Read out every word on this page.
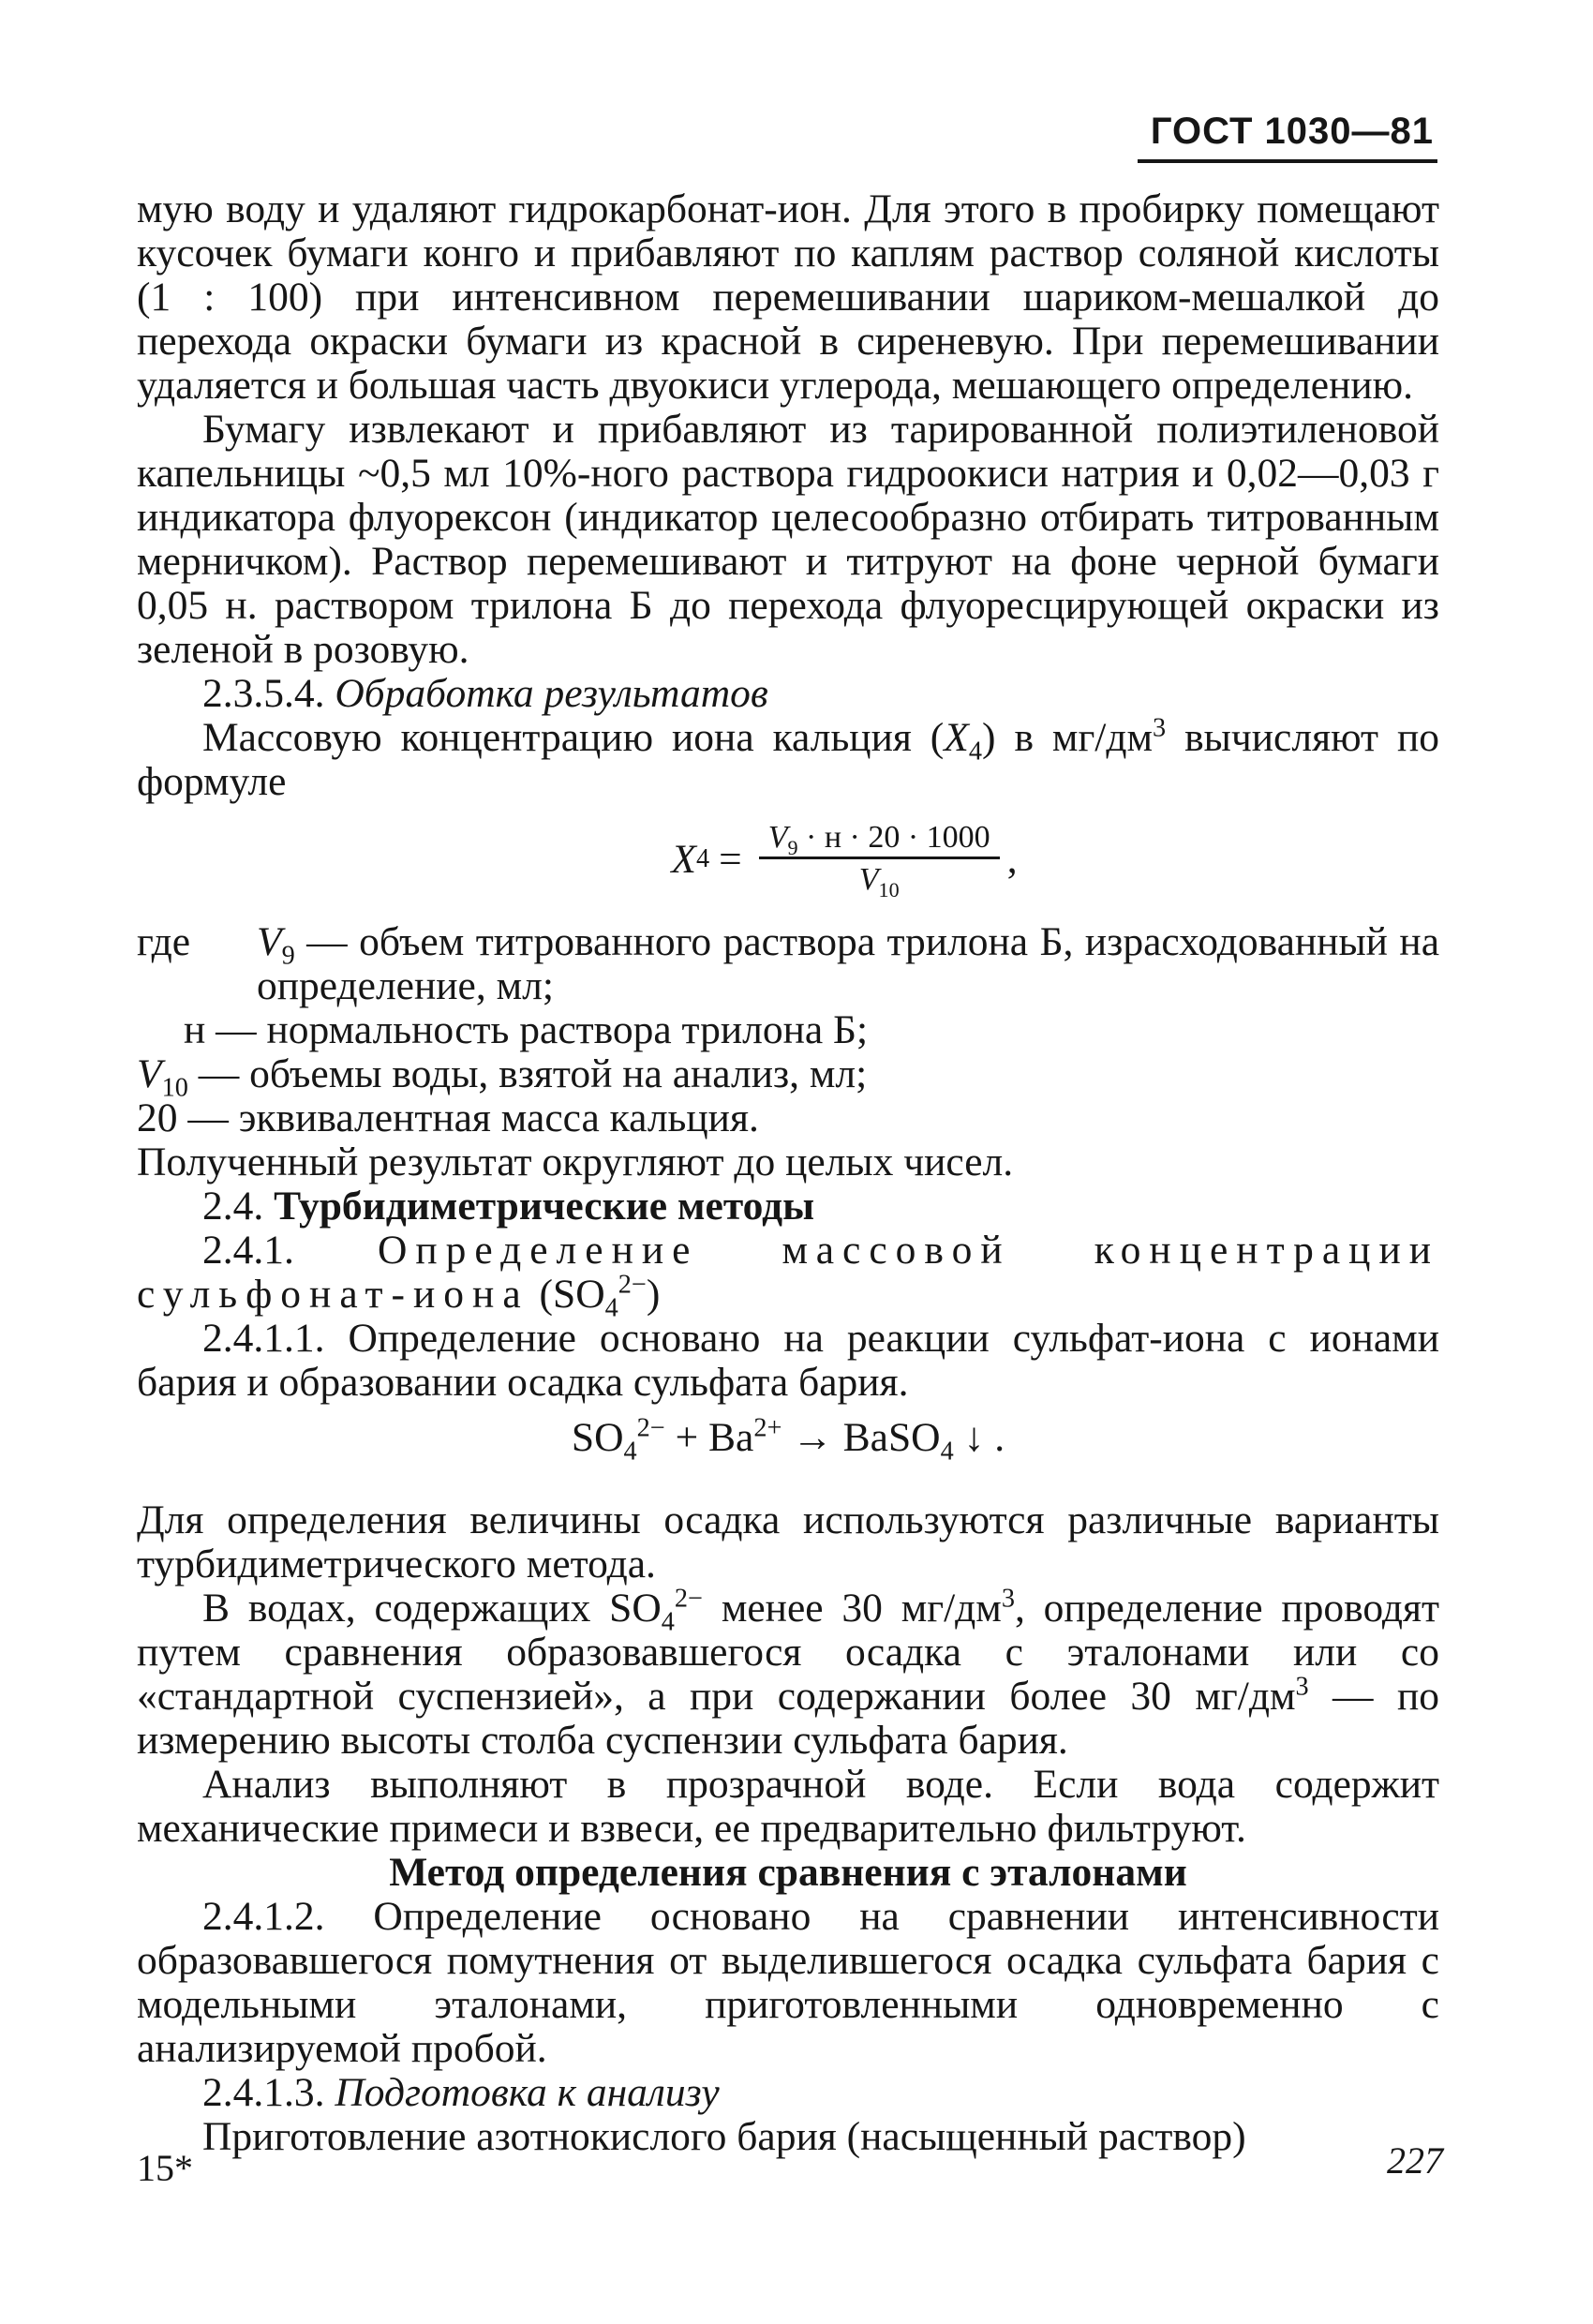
ГОСТ 1030—81

мую воду и удаляют гидрокарбонат-ион. Для этого в пробирку помещают кусочек бумаги конго и прибавляют по каплям раствор соляной кислоты (1 : 100) при интенсивном перемешивании шариком-мешалкой до перехода окраски бумаги из красной в сиреневую. При перемешивании удаляется и большая часть двуокиси углерода, мешающего определению.

Бумагу извлекают и прибавляют из тарированной полиэтиленовой капельницы ~0,5 мл 10%-ного раствора гидроокиси натрия и 0,02—0,03 г индикатора флуорексон (индикатор целесообразно отбирать титрованным мерничком). Раствор перемешивают и титруют на фоне черной бумаги 0,05 н. раствором трилона Б до перехода флуоресцирующей окраски из зеленой в розовую.

2.3.5.4. Обработка результатов

Массовую концентрацию иона кальция $(X_4)$ в $мг/дм^3$ вычисляют по формуле

X $4 = \frac{V_9 \cdot н \cdot 20 \cdot 1000}{V_{10}}$ ,
где	$V_9$ — объем титрованного раствора трилона Б, израсходованный на определение, мл;
н — нормальность раствора трилона Б;
$V_{10}$ — объемы воды, взятой на анализ, мл;
20 — эквивалентная масса кальция.

Полученный результат округляют до целых чисел.

2.4. Турбидиметрические методы

2.4.1. Определение массовой концентрации

сульфонат-иона $(SO_4^{2-})$

2.4.1.1. Определение основано на реакции сульфат-иона с ионами бария и образовании осадка сульфата бария.

$SO_4^{2-} + Ba^{2+}$ → BaSO$_4$ ↓ .

Для определения величины осадка используются различные варианты турбидиметрического метода.

В водах, содержащих $SO_4^{2-}$ менее 30 $мг/дм^3$, определение проводят путем сравнения образовавшегося осадка с эталонами или со «стандартной суспензией», а при содержании более 30 $мг/дм^3$ — по измерению высоты столба суспензии сульфата бария.

Анализ выполняют в прозрачной воде. Если вода содержит механические примеси и взвеси, ее предварительно фильтруют.

Метод определения сравнения с эталонами

2.4.1.2. Определение основано на сравнении интенсивности образовавшегося помутнения от выделившегося осадка сульфата бария с модельными эталонами, приготовленными одновременно с анализируемой пробой.

2.4.1.3. Подготовка к анализу

Приготовление азотнокислого бария (насыщенный раствор)

15*	227
